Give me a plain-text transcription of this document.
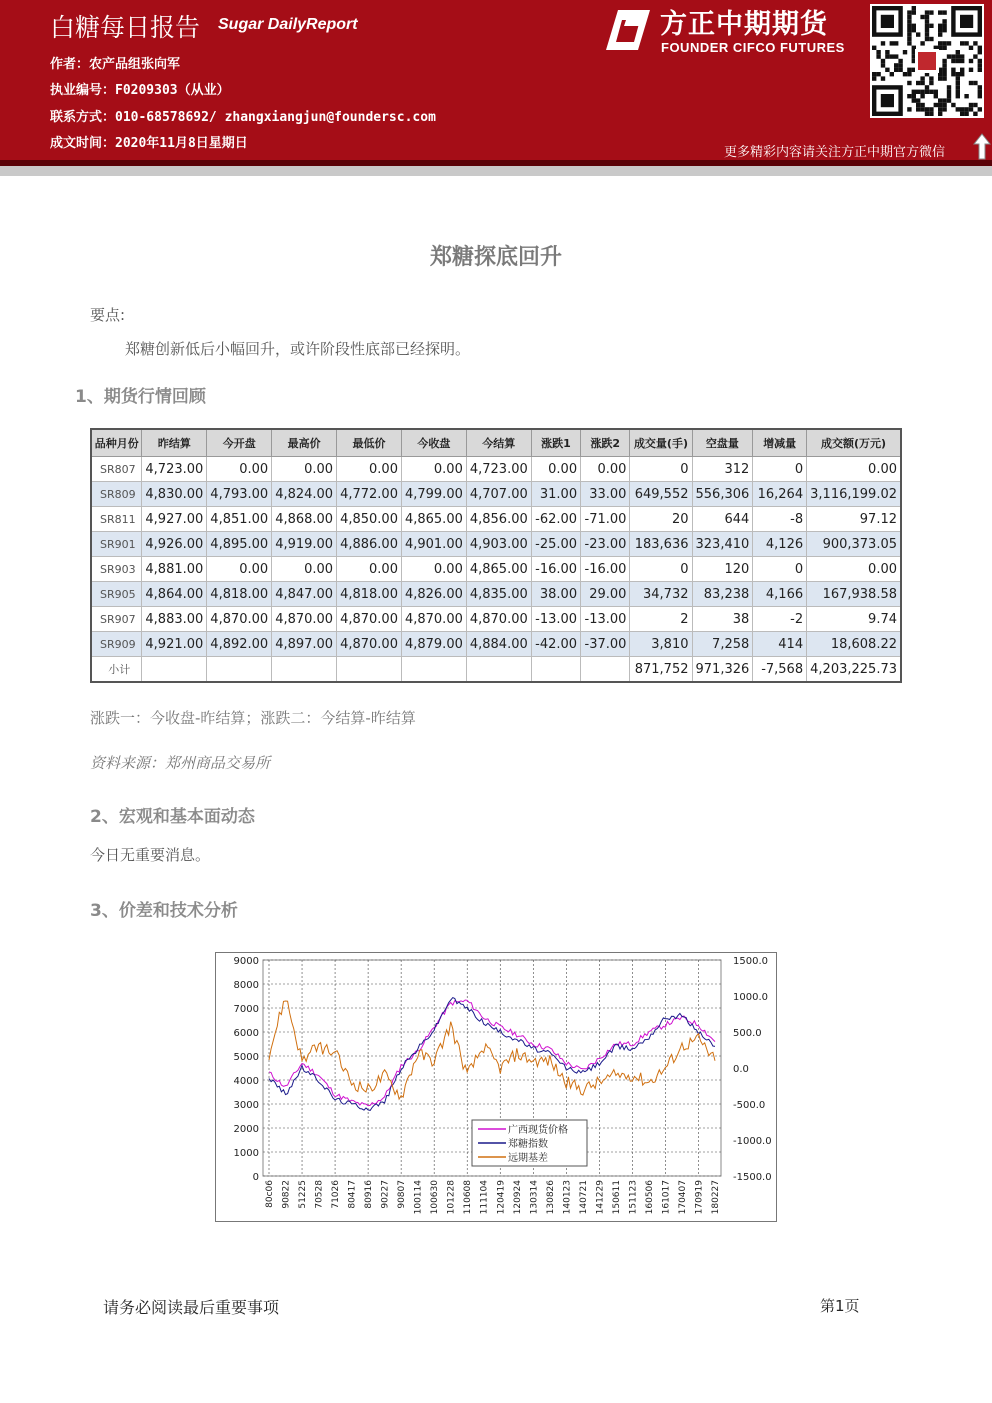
白糖每日报告 Sugar DailyReport
作者：农产品组张向军
执业编号：F0209303（从业）
联系方式：010-68578692/ zhangxiangjun@foundersc.com
成文时间：2020年11月8日星期日
方正中期期货
FOUNDER CIFCO FUTURES
更多精彩内容请关注方正中期官方微信
郑糖探底回升
要点:
郑糖创新低后小幅回升，或许阶段性底部已经探明。
1、期货行情回顾
品种月份	昨结算	今开盘	最高价	最低价	今收盘	今结算	涨跌1	涨跌2	成交量(手)	空盘量	增减量	成交额(万元)
SR807	4,723.00	0.00	0.00	0.00	0.00	4,723.00	0.00	0.00	0	312	0	0.00
SR809	4,830.00	4,793.00	4,824.00	4,772.00	4,799.00	4,707.00	31.00	33.00	649,552	556,306	16,264	3,116,199.02
SR811	4,927.00	4,851.00	4,868.00	4,850.00	4,865.00	4,856.00	-62.00	-71.00	20	644	-8	97.12
SR901	4,926.00	4,895.00	4,919.00	4,886.00	4,901.00	4,903.00	-25.00	-23.00	183,636	323,410	4,126	900,373.05
SR903	4,881.00	0.00	0.00	0.00	0.00	4,865.00	-16.00	-16.00	0	120	0	0.00
SR905	4,864.00	4,818.00	4,847.00	4,818.00	4,826.00	4,835.00	38.00	29.00	34,732	83,238	4,166	167,938.58
SR907	4,883.00	4,870.00	4,870.00	4,870.00	4,870.00	4,870.00	-13.00	-13.00	2	38	-2	9.74
SR909	4,921.00	4,892.00	4,897.00	4,870.00	4,879.00	4,884.00	-42.00	-37.00	3,810	7,258	414	18,608.22
小计									871,752	971,326	-7,568	4,203,225.73
涨跌一：今收盘-昨结算；涨跌二：今结算-昨结算
资料来源：郑州商品交易所
2、宏观和基本面动态
今日无重要消息。
3、价差和技术分析
9000
8000
7000
6000
5000
4000
3000
2000
1000
0
1500.0
1000.0
500.0
0.0
-500.0
-1000.0
-1500.0
80c06 90822 51225 70528 71026 80417 80916 90227 90807 100114 100630 101228 110608 111104 120419 120924 130314 130826 140123 140721 141229 150611 151123 160506 161017 170407 170919 180227
广西现货价格
郑糖指数
远期基差
请务必阅读最后重要事项	第1页
